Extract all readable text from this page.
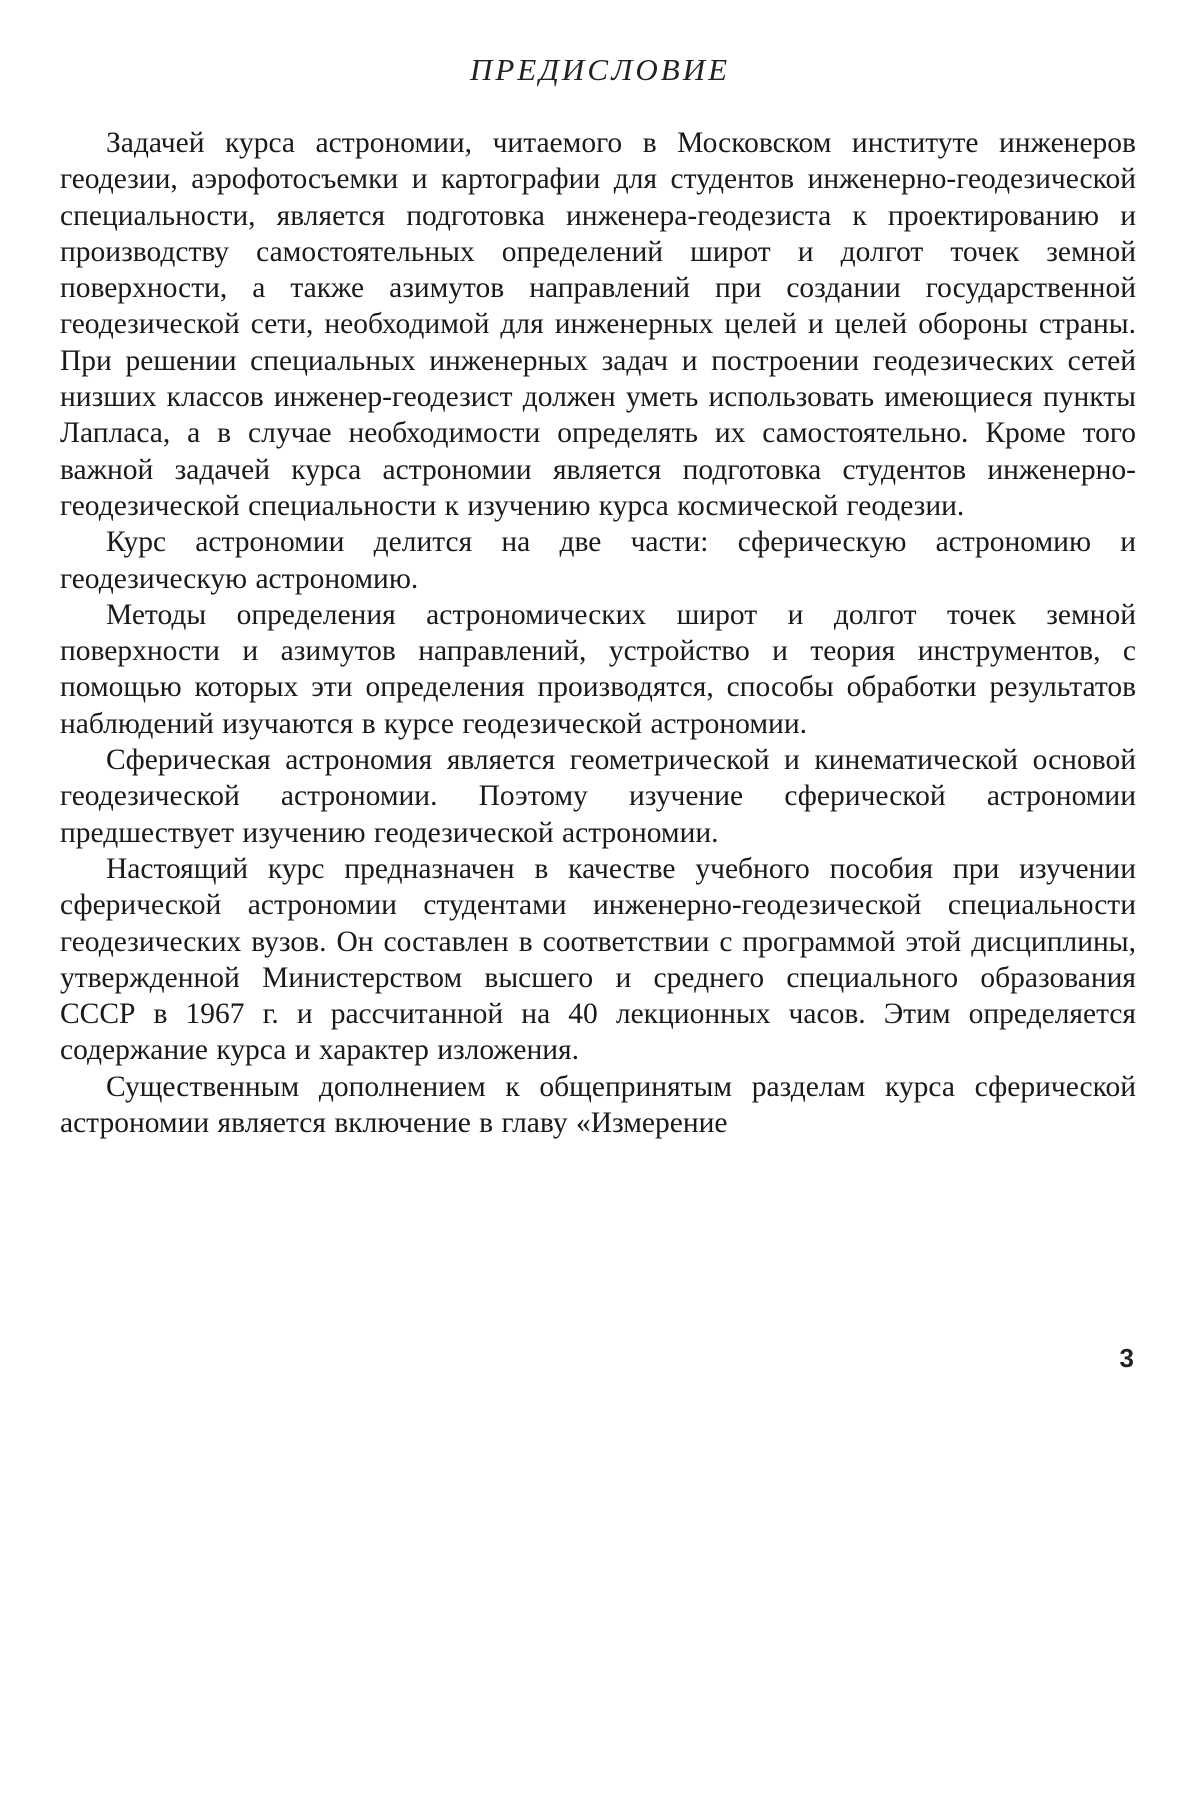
ПРЕДИСЛОВИЕ

Задачей курса астрономии, читаемого в Московском институте инженеров геодезии, аэрофотосъемки и картографии для студентов инженерно-геодезической специальности, является подготовка инженера-геодезиста к проектированию и производству самостоятельных определений широт и долгот точек земной поверхности, а также азимутов направлений при создании государственной геодезической сети, необходимой для инженерных целей и целей обороны страны. При решении специальных инженерных задач и построении геодезических сетей низших классов инженер-геодезист должен уметь использовать имеющиеся пункты Лапласа, а в случае необходимости определять их самостоятельно. Кроме того важной задачей курса астрономии является подготовка студентов инженерно-геодезической специальности к изучению курса космической геодезии.

Курс астрономии делится на две части: сферическую астрономию и геодезическую астрономию.

Методы определения астрономических широт и долгот точек земной поверхности и азимутов направлений, устройство и теория инструментов, с помощью которых эти определения производятся, способы обработки результатов наблюдений изучаются в курсе геодезической астрономии.

Сферическая астрономия является геометрической и кинематической основой геодезической астрономии. Поэтому изучение сферической астрономии предшествует изучению геодезической астрономии.

Настоящий курс предназначен в качестве учебного пособия при изучении сферической астрономии студентами инженерно-геодезической специальности геодезических вузов. Он составлен в соответствии с программой этой дисциплины, утвержденной Министерством высшего и среднего специального образования СССР в 1967 г. и рассчитанной на 40 лекционных часов. Этим определяется содержание курса и характер изложения.

Существенным дополнением к общепринятым разделам курса сферической астрономии является включение в главу «Измерение

3
